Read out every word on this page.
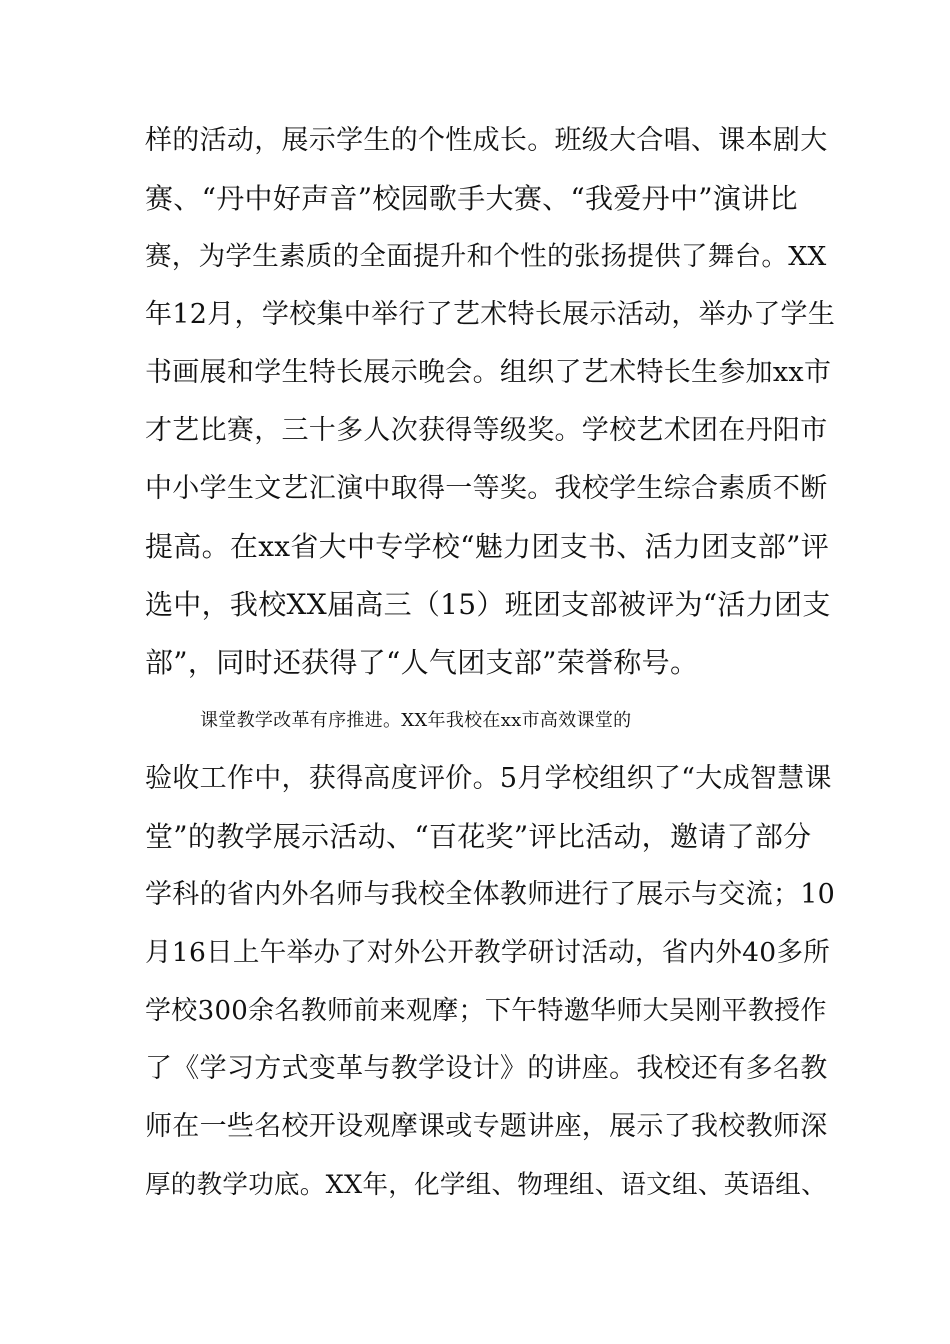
样的活动，展示学生的个性成长。班级大合唱、课本剧大
赛、“丹中好声音”校园歌手大赛、“我爱丹中”演讲比
赛，为学生素质的全面提升和个性的张扬提供了舞台。XX
年12月，学校集中举行了艺术特长展示活动，举办了学生
书画展和学生特长展示晚会。组织了艺术特长生参加xx市
才艺比赛，三十多人次获得等级奖。学校艺术团在丹阳市
中小学生文艺汇演中取得一等奖。我校学生综合素质不断
提高。在xx省大中专学校“魅力团支书、活力团支部”评
选中，我校XX届高三（15）班团支部被评为“活力团支
部”，同时还获得了“人气团支部”荣誉称号。
课堂教学改革有序推进。XX年我校在xx市高效课堂的
验收工作中，获得高度评价。5月学校组织了“大成智慧课
堂”的教学展示活动、“百花奖”评比活动，邀请了部分
学科的省内外名师与我校全体教师进行了展示与交流；10
月16日上午举办了对外公开教学研讨活动，省内外40多所
学校300余名教师前来观摩；下午特邀华师大吴刚平教授作
了《学习方式变革与教学设计》的讲座。我校还有多名教
师在一些名校开设观摩课或专题讲座，展示了我校教师深
厚的教学功底。XX年，化学组、物理组、语文组、英语组、
